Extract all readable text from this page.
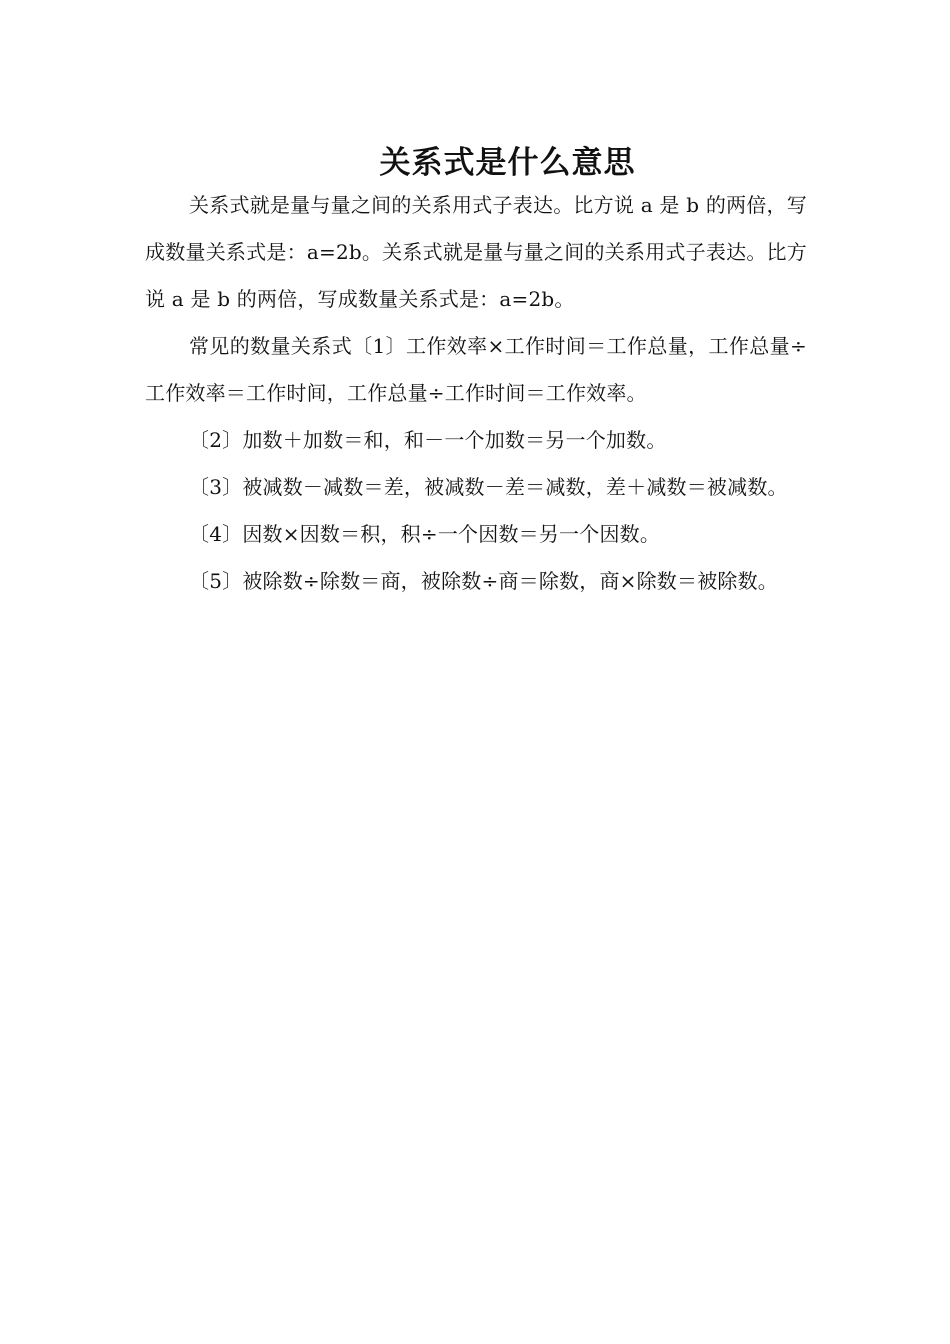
关系式是什么意思

关系式就是量与量之间的关系用式子表达。比方说 a 是 b 的两倍，写成数量关系式是：a=2b。关系式就是量与量之间的关系用式子表达。比方说 a 是 b 的两倍，写成数量关系式是：a=2b。

常见的数量关系式〔1〕工作效率×工作时间＝工作总量，工作总量÷工作效率＝工作时间，工作总量÷工作时间＝工作效率。

〔2〕加数＋加数＝和，和－一个加数＝另一个加数。

〔3〕被减数－减数＝差，被减数－差＝减数，差＋减数＝被减数。

〔4〕因数×因数＝积，积÷一个因数＝另一个因数。

〔5〕被除数÷除数＝商，被除数÷商＝除数，商×除数＝被除数。
